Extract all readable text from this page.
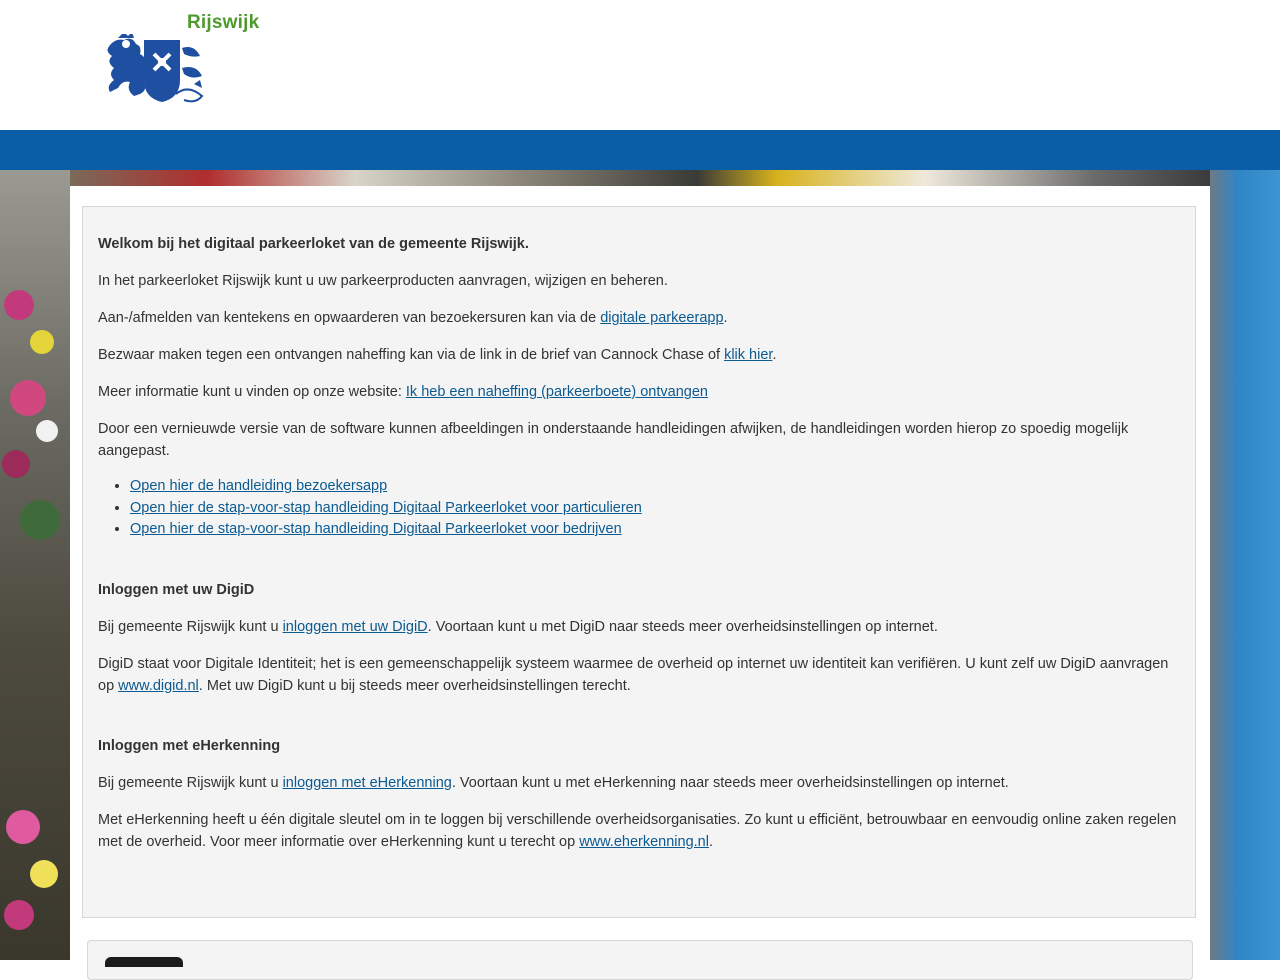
Rijswijk

Welkom bij het digitaal parkeerloket van de gemeente Rijswijk.

In het parkeerloket Rijswijk kunt u uw parkeerproducten aanvragen, wijzigen en beheren.

Aan-/afmelden van kentekens en opwaarderen van bezoekersuren kan via de digitale parkeerapp.

Bezwaar maken tegen een ontvangen naheffing kan via de link in de brief van Cannock Chase of klik hier.

Meer informatie kunt u vinden op onze website: Ik heb een naheffing (parkeerboete) ontvangen

Door een vernieuwde versie van de software kunnen afbeeldingen in onderstaande handleidingen afwijken, de handleidingen worden hierop zo spoedig mogelijk aangepast.

• Open hier de handleiding bezoekersapp
• Open hier de stap-voor-stap handleiding Digitaal Parkeerloket voor particulieren
• Open hier de stap-voor-stap handleiding Digitaal Parkeerloket voor bedrijven

Inloggen met uw DigiD

Bij gemeente Rijswijk kunt u inloggen met uw DigiD. Voortaan kunt u met DigiD naar steeds meer overheidsinstellingen op internet.

DigiD staat voor Digitale Identiteit; het is een gemeenschappelijk systeem waarmee de overheid op internet uw identiteit kan verifiëren. U kunt zelf uw DigiD aanvragen op www.digid.nl. Met uw DigiD kunt u bij steeds meer overheidsinstellingen terecht.

Inloggen met eHerkenning

Bij gemeente Rijswijk kunt u inloggen met eHerkenning. Voortaan kunt u met eHerkenning naar steeds meer overheidsinstellingen op internet.

Met eHerkenning heeft u één digitale sleutel om in te loggen bij verschillende overheidsorganisaties. Zo kunt u efficiënt, betrouwbaar en eenvoudig online zaken regelen met de overheid. Voor meer informatie over eHerkenning kunt u terecht op www.eherkenning.nl.
